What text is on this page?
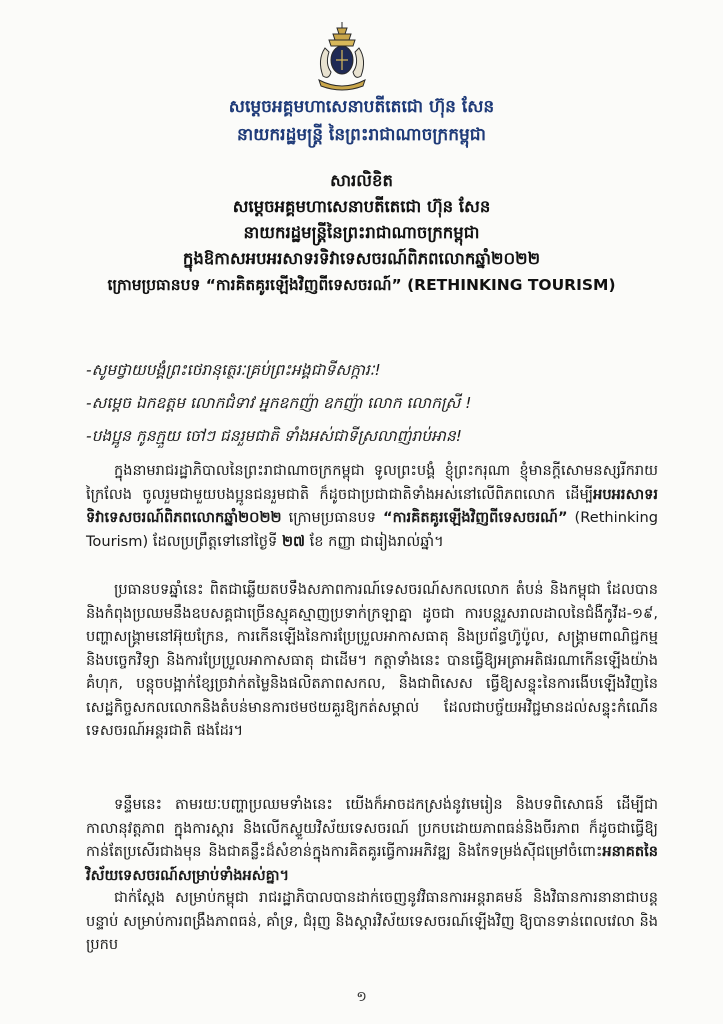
សម្តេចអគ្គមហាសេនាបតីតេជោ ហ៊ុន សែន
នាយករដ្ឋមន្រ្តី នៃព្រះរាជាណាចក្រកម្ពុជា
សារលិខិត
សម្តេចអគ្គមហាសេនាបតីតេជោ ហ៊ុន សែន
នាយករដ្ឋមន្រ្តីនៃព្រះរាជាណាចក្រកម្ពុជា
ក្នុងឱកាសអបអរសាទរទិវាទេសចរណ៍ពិភពលោកឆ្នាំ២០២២
ក្រោមប្រធានបទ “ការគិតគូរឡើងវិញពីទេសចរណ៍” (RETHINKING TOURISM)
-សូមថ្វាយបង្គំព្រះថេរានុត្ថេរៈគ្រប់ព្រះអង្គជាទីសក្ការៈ!
-សម្តេច ឯកឧត្តម លោកជំទាវ អ្នកឧកញ៉ា ឧកញ៉ា លោក លោកស្រី !
-បងប្អូន កូនក្មួយ ចៅៗ ជនរួមជាតិ ទាំងអស់ជាទីស្រលាញ់រាប់អាន!
ក្នុងនាមរាជរដ្ឋាភិបាលនៃព្រះរាជាណាចក្រកម្ពុជា ទូលព្រះបង្គំ ខ្ញុំព្រះករុណា ខ្ញុំមានក្តីសោមនស្សរីករាយក្រៃលែង ចូលរួមជាមួយបងប្អូនជនរួមជាតិ ក៏ដូចជាប្រជាជាតិទាំងអស់នៅលើពិភពលោក ដើម្បីអបអរសាទរទិវាទេសចរណ៍ពិភពលោកឆ្នាំ២០២២ ក្រោមប្រធានបទ “ការគិតគូរឡើងវិញពីទេសចរណ៍” (Rethinking Tourism) ដែលប្រព្រឹត្តទៅនៅថ្ងៃទី ២៧ ខែ កញ្ញា ជារៀងរាល់ឆ្នាំ។
ប្រធានបទឆ្នាំនេះ ពិតជាឆ្លើយតបទឹងសភាពការណ៍ទេសចរណ៍សកលលោក តំបន់ និងកម្ពុជា ដែលបាន និងកំពុងប្រឈមនឹងឧបសគ្គជាច្រើនស្មុគស្មាញប្រទាក់ក្រឡាគ្នា ដូចជា ការបន្តរួសរាលដាលនៃជំងឺកូវីដ-១៩, បញ្ហាសង្គ្រាមនៅអ៊ុយក្រែន, ការកើនឡើងនៃការប្រែប្រួលអាកាសធាតុ និងប្រព័ន្ធហ៊ូប៉ូល, សង្គ្រាមពាណិជ្ជកម្ម និងបច្ចេកវិទ្យា និងការប្រែប្រួលអាកាសធាតុ ជាដើម។ កត្តាទាំងនេះ បានធ្វើឱ្យអត្រាអតិផរណាកើនឡើងយ៉ាងគំហុក, បន្តុចបង្អាក់ខ្សែច្រវាក់តម្លៃនិងផលិតភាពសកល, និងជាពិសេស ធ្វើឱ្យសន្ទុះនៃការងើបឡើងវិញនៃសេដ្ឋកិច្ចសកលលោកនិងតំបន់មានការថមថយគួរឱ្យកត់សម្គាល់ ដែលជាបច្ច័យអវិជ្ជមានដល់សន្ទុះកំណើនទេសចរណ៍អន្តរជាតិ ផងដែរ។
ទន្ទឹមនេះ តាមរយៈបញ្ហាប្រឈមទាំងនេះ យើងក៏អាចដកស្រង់នូវមេរៀន និងបទពិសោធន៍ ដើម្បីជាកាលានុវត្តភាព ក្នុងការស្តារ និងលើកស្ទួយវិស័យទេសចរណ៍ ប្រកបដោយភាពធន់និងចីរភាព ក៏ដូចជាធ្វើឱ្យកាន់តែប្រសើរជាងមុន និងជាគន្លឹះដ៏សំខាន់ក្នុងការគិតគូរធ្វើការអភិវឌ្ឍ និងកែទម្រង់ស៊ីជម្រៅចំពោះអនាគតនៃវិស័យទេសចរណ៍សម្រាប់ទាំងអស់គ្នា។
ជាក់ស្តែង សម្រាប់កម្ពុជា រាជរដ្ឋាភិបាលបានដាក់ចេញនូវវិធានការអន្តរាគមន៍ និងវិធានការនានាជាបន្តបន្ទាប់ សម្រាប់ការពង្រឹងភាពធន់, គាំទ្រ, ជំរុញ និងស្តារវិស័យទេសចរណ៍ឡើងវិញ ឱ្យបានទាន់ពេលវេលា និងប្រកប
១
